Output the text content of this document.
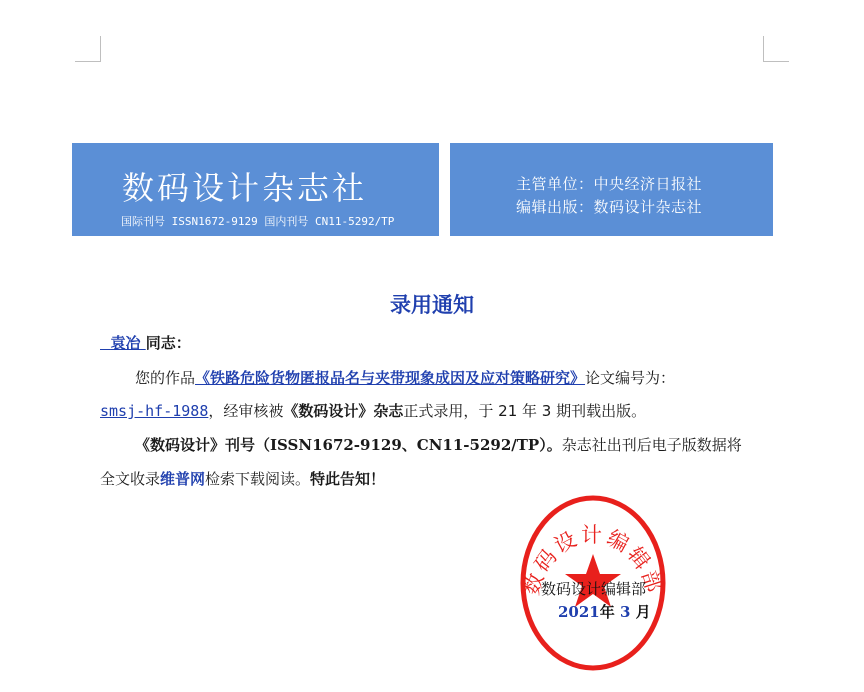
数码设计杂志社
国际刊号 ISSN1672-9129 国内刊号 CN11-5292/TP
主管单位：中央经济日报社
编辑出版：数码设计杂志社
录用通知
袁冶 同志：
您的作品《铁路危险货物匿报品名与夹带现象成因及应对策略研究》论文编号为：
smsj-hf-1988，经审核被《数码设计》杂志正式录用，于 21 年 3 期刊载出版。
《数码设计》刊号（ISSN1672-9129、CN11-5292/TP）。杂志社出刊后电子版数据将
全文收录维普网检索下载阅读。特此告知！
数码设计编辑部
数码设计编辑部
2021年 3 月
